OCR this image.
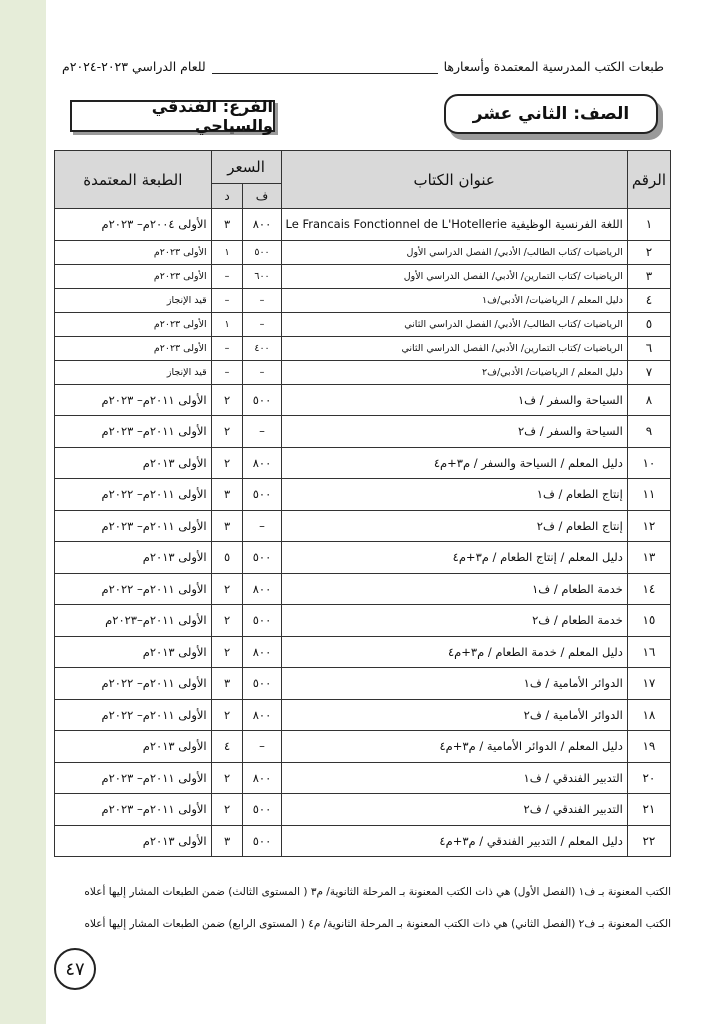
طبعات الكتب المدرسية المعتمدة وأسعارها
للعام الدراسي ٢٠٢٣-٢٠٢٤م
الصف: الثاني عشر
الفرع: الفندقي والسياحي
الرقم	عنوان الكتاب	السعر		الطبعة المعتمدة
		ف	د	
١	اللغة الفرنسية الوظيفية Le Francais Fonctionnel de L'Hotellerie	٨٠٠	٣	الأولى ٢٠٠٤م– ٢٠٢٣م
٢	الرياضيات /كتاب الطالب/ الأدبي/ الفصل الدراسي الأول	٥٠٠	١	الأولى ٢٠٢٣م
٣	الرياضيات /كتاب التمارين/ الأدبي/ الفصل الدراسي الأول	٦٠٠	–	الأولى ٢٠٢٣م
٤	دليل المعلم / الرياضيات/ الأدبي/ف١	–	–	قيد الإنجاز
٥	الرياضيات /كتاب الطالب/ الأدبي/ الفصل الدراسي الثاني	–	١	الأولى ٢٠٢٣م
٦	الرياضيات /كتاب التمارين/ الأدبي/ الفصل الدراسي الثاني	٤٠٠	–	الأولى ٢٠٢٣م
٧	دليل المعلم / الرياضيات/ الأدبي/ف٢	–	–	قيد الإنجاز
٨	السياحة والسفر / ف١	٥٠٠	٢	الأولى ٢٠١١م– ٢٠٢٣م
٩	السياحة والسفر / ف٢	–	٢	الأولى ٢٠١١م– ٢٠٢٣م
١٠	دليل المعلم / السياحة والسفر / م٣+م٤	٨٠٠	٢	الأولى ٢٠١٣م
١١	إنتاج الطعام / ف١	٥٠٠	٣	الأولى ٢٠١١م– ٢٠٢٢م
١٢	إنتاج الطعام / ف٢	–	٣	الأولى ٢٠١١م– ٢٠٢٣م
١٣	دليل المعلم / إنتاج الطعام / م٣+م٤	٥٠٠	٥	الأولى ٢٠١٣م
١٤	خدمة الطعام / ف١	٨٠٠	٢	الأولى ٢٠١١م– ٢٠٢٢م
١٥	خدمة الطعام / ف٢	٥٠٠	٢	الأولى ٢٠١١م–٢٠٢٣م
١٦	دليل المعلم / خدمة الطعام / م٣+م٤	٨٠٠	٢	الأولى ٢٠١٣م
١٧	الدوائر الأمامية / ف١	٥٠٠	٣	الأولى ٢٠١١م– ٢٠٢٢م
١٨	الدوائر الأمامية / ف٢	٨٠٠	٢	الأولى ٢٠١١م– ٢٠٢٢م
١٩	دليل المعلم / الدوائر الأمامية / م٣+م٤	–	٤	الأولى ٢٠١٣م
٢٠	التدبير الفندقي / ف١	٨٠٠	٢	الأولى ٢٠١١م– ٢٠٢٣م
٢١	التدبير الفندقي / ف٢	٥٠٠	٢	الأولى ٢٠١١م– ٢٠٢٣م
٢٢	دليل المعلم / التدبير الفندقي / م٣+م٤	٥٠٠	٣	الأولى ٢٠١٣م
الكتب المعنونة بـ ف١ (الفصل الأول) هي ذات الكتب المعنونة بـ المرحلة الثانوية/ م٣ ( المستوى الثالث) ضمن الطبعات المشار إليها أعلاه
الكتب المعنونة بـ ف٢ (الفصل الثاني) هي ذات الكتب المعنونة بـ المرحلة الثانوية/ م٤ ( المستوى الرابع) ضمن الطبعات المشار إليها أعلاه
٤٧
